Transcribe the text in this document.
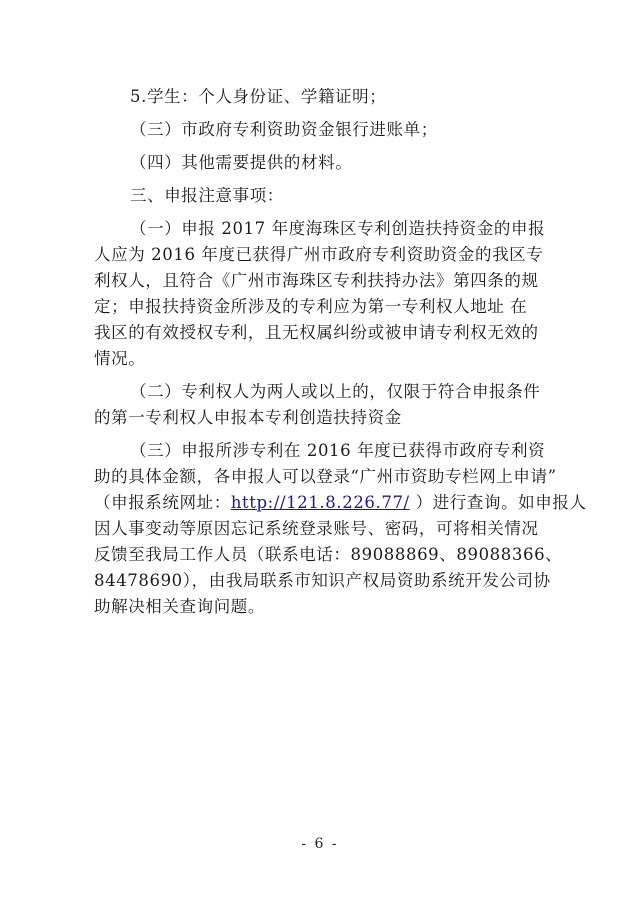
5.学生：个人身份证、学籍证明；

（三）市政府专利资助资金银行进账单；

（四）其他需要提供的材料。

三、申报注意事项：

（一）申报 2017 年度海珠区专利创造扶持资金的申报
人应为 2016 年度已获得广州市政府专利资助资金的我区专
利权人，且符合《广州市海珠区专利扶持办法》第四条的规
定；申报扶持资金所涉及的专利应为第一专利权人地址 在
我区的有效授权专利，且无权属纠纷或被申请专利权无效的
情况。

（二）专利权人为两人或以上的，仅限于符合申报条件
的第一专利权人申报本专利创造扶持资金

（三）申报所涉专利在 2016 年度已获得市政府专利资
助的具体金额，各申报人可以登录“广州市资助专栏网上申请”
（申报系统网址：http://121.8.226.77/ ）进行查询。如申报人
因人事变动等原因忘记系统登录账号、密码，可将相关情况
反馈至我局工作人员（联系电话：89088869、89088366、
84478690），由我局联系市知识产权局资助系统开发公司协
助解决相关查询问题。

- 6 -
